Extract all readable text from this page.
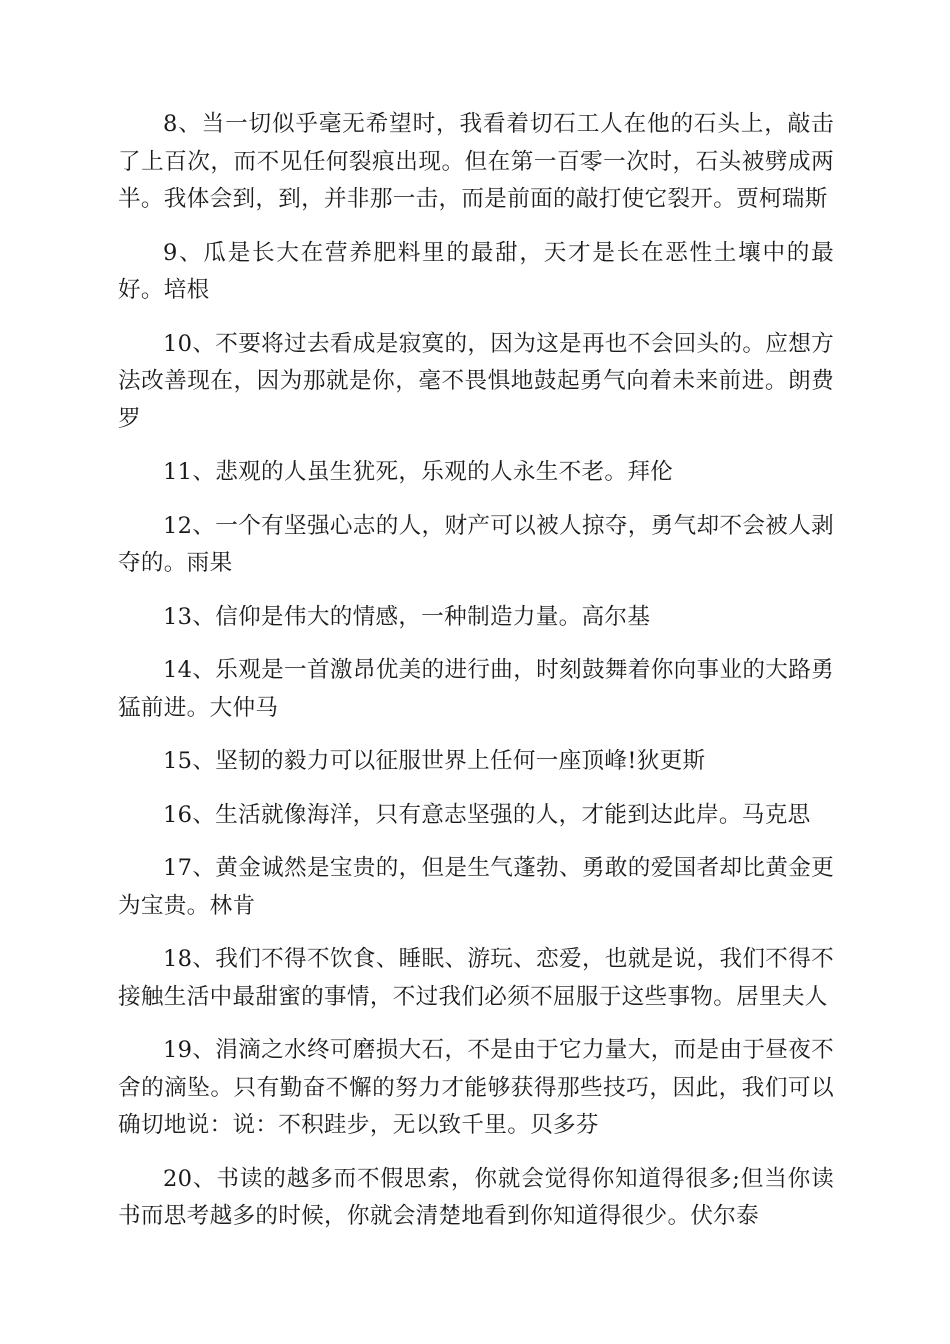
8、当一切似乎毫无希望时，我看着切石工人在他的石头上，敲击了上百次，而不见任何裂痕出现。但在第一百零一次时，石头被劈成两半。我体会到，到，并非那一击，而是前面的敲打使它裂开。贾柯瑞斯

9、瓜是长大在营养肥料里的最甜，天才是长在恶性土壤中的最好。培根

10、不要将过去看成是寂寞的，因为这是再也不会回头的。应想方法改善现在，因为那就是你，毫不畏惧地鼓起勇气向着未来前进。朗费罗

11、悲观的人虽生犹死，乐观的人永生不老。拜伦

12、一个有坚强心志的人，财产可以被人掠夺，勇气却不会被人剥夺的。雨果

13、信仰是伟大的情感，一种制造力量。高尔基

14、乐观是一首激昂优美的进行曲，时刻鼓舞着你向事业的大路勇猛前进。大仲马

15、坚韧的毅力可以征服世界上任何一座顶峰!狄更斯

16、生活就像海洋，只有意志坚强的人，才能到达此岸。马克思

17、黄金诚然是宝贵的，但是生气蓬勃、勇敢的爱国者却比黄金更为宝贵。林肯

18、我们不得不饮食、睡眠、游玩、恋爱，也就是说，我们不得不接触生活中最甜蜜的事情，不过我们必须不屈服于这些事物。居里夫人

19、涓滴之水终可磨损大石，不是由于它力量大，而是由于昼夜不舍的滴坠。只有勤奋不懈的努力才能够获得那些技巧，因此，我们可以确切地说：说：不积跬步，无以致千里。贝多芬

20、书读的越多而不假思索，你就会觉得你知道得很多;但当你读书而思考越多的时候，你就会清楚地看到你知道得很少。伏尔泰
